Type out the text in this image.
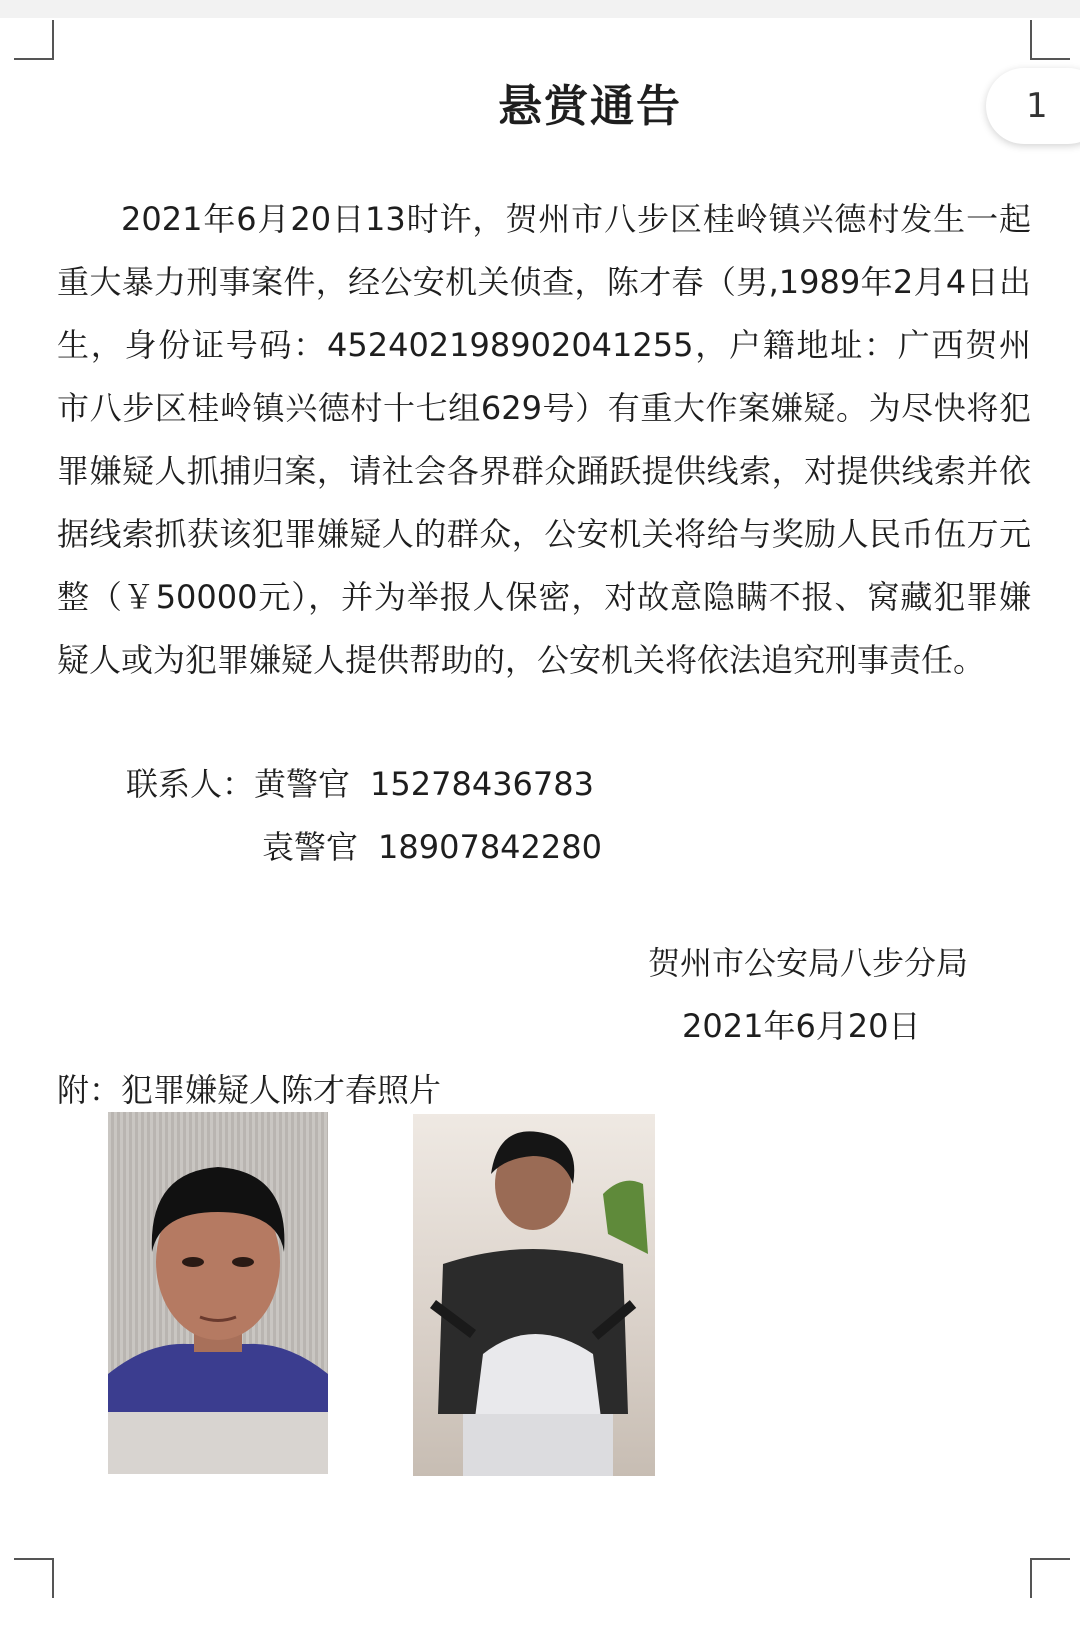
1
悬赏通告
2021年6月20日13时许，贺州市八步区桂岭镇兴德村发生一起重大暴力刑事案件，经公安机关侦查，陈才春（男,1989年2月4日出生，身份证号码：452402198902041255，户籍地址：广西贺州市八步区桂岭镇兴德村十七组629号）有重大作案嫌疑。为尽快将犯罪嫌疑人抓捕归案，请社会各界群众踊跃提供线索，对提供线索并依据线索抓获该犯罪嫌疑人的群众，公安机关将给与奖励人民币伍万元整（￥50000元），并为举报人保密，对故意隐瞒不报、窝藏犯罪嫌疑人或为犯罪嫌疑人提供帮助的，公安机关将依法追究刑事责任。
联系人：黄警官 15278436783
袁警官 18907842280
贺州市公安局八步分局
2021年6月20日
附：犯罪嫌疑人陈才春照片
